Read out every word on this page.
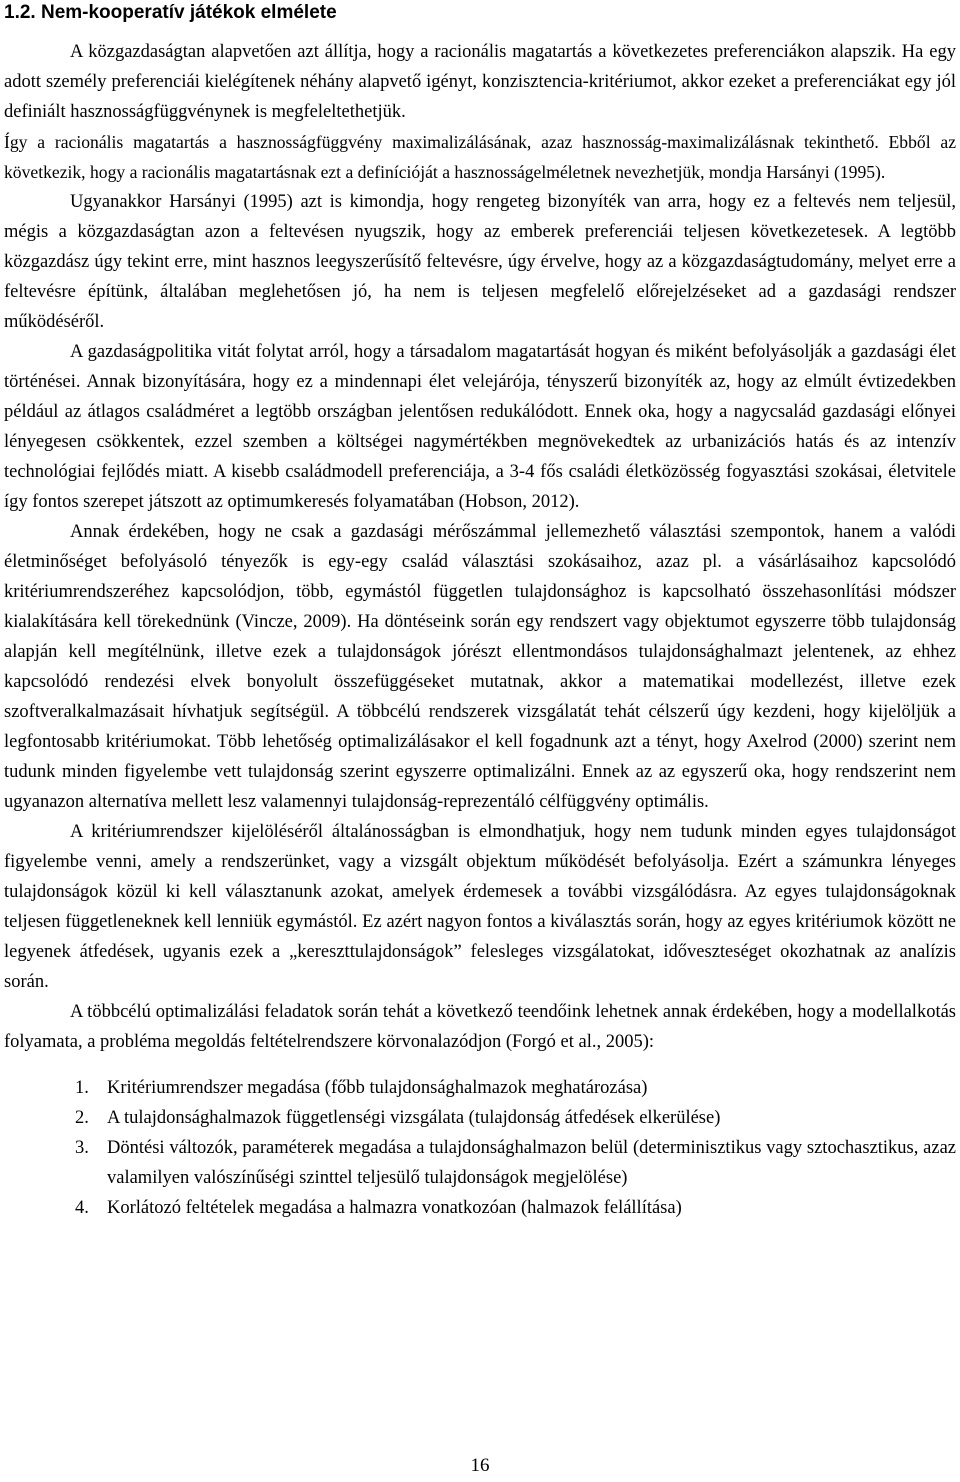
1.2. Nem-kooperatív játékok elmélete

A közgazdaságtan alapvetően azt állítja, hogy a racionális magatartás a következetes preferenciákon alapszik. Ha egy adott személy preferenciái kielégítenek néhány alapvető igényt, konzisztencia-kritériumot, akkor ezeket a preferenciákat egy jól definiált hasznosságfüggvénynek is megfeleltethetjük.

Így a racionális magatartás a hasznosságfüggvény maximalizálásának, azaz hasznosság-maximalizálásnak tekinthető. Ebből az következik, hogy a racionális magatartásnak ezt a definícióját a hasznosságelméletnek nevezhetjük, mondja Harsányi (1995).

Ugyanakkor Harsányi (1995) azt is kimondja, hogy rengeteg bizonyíték van arra, hogy ez a feltevés nem teljesül, mégis a közgazdaságtan azon a feltevésen nyugszik, hogy az emberek preferenciái teljesen következetesek. A legtöbb közgazdász úgy tekint erre, mint hasznos leegyszerűsítő feltevésre, úgy érvelve, hogy az a közgazdaságtudomány, melyet erre a feltevésre építünk, általában meglehetősen jó, ha nem is teljesen megfelelő előrejelzéseket ad a gazdasági rendszer működéséről.

A gazdaságpolitika vitát folytat arról, hogy a társadalom magatartását hogyan és miként befolyásolják a gazdasági élet történései. Annak bizonyítására, hogy ez a mindennapi élet velejárója, tényszerű bizonyíték az, hogy az elmúlt évtizedekben például az átlagos családméret a legtöbb országban jelentősen redukálódott. Ennek oka, hogy a nagycsalád gazdasági előnyei lényegesen csökkentek, ezzel szemben a költségei nagymértékben megnövekedtek az urbanizációs hatás és az intenzív technológiai fejlődés miatt. A kisebb családmodell preferenciája, a 3-4 fős családi életközösség fogyasztási szokásai, életvitele így fontos szerepet játszott az optimumkeresés folyamatában (Hobson, 2012).

Annak érdekében, hogy ne csak a gazdasági mérőszámmal jellemezhető választási szempontok, hanem a valódi életminőséget befolyásoló tényezők is egy-egy család választási szokásaihoz, azaz pl. a vásárlásaihoz kapcsolódó kritériumrendszeréhez kapcsolódjon, több, egymástól független tulajdonsághoz is kapcsolható összehasonlítási módszer kialakítására kell törekednünk (Vincze, 2009). Ha döntéseink során egy rendszert vagy objektumot egyszerre több tulajdonság alapján kell megítélnünk, illetve ezek a tulajdonságok jórészt ellentmondásos tulajdonsághalmazt jelentenek, az ehhez kapcsolódó rendezési elvek bonyolult összefüggéseket mutatnak, akkor a matematikai modellezést, illetve ezek szoftveralkalmazásait hívhatjuk segítségül. A többcélú rendszerek vizsgálatát tehát célszerű úgy kezdeni, hogy kijelöljük a legfontosabb kritériumokat. Több lehetőség optimalizálásakor el kell fogadnunk azt a tényt, hogy Axelrod (2000) szerint nem tudunk minden figyelembe vett tulajdonság szerint egyszerre optimalizálni. Ennek az az egyszerű oka, hogy rendszerint nem ugyanazon alternatíva mellett lesz valamennyi tulajdonság-reprezentáló célfüggvény optimális.

A kritériumrendszer kijelöléséről általánosságban is elmondhatjuk, hogy nem tudunk minden egyes tulajdonságot figyelembe venni, amely a rendszerünket, vagy a vizsgált objektum működését befolyásolja. Ezért a számunkra lényeges tulajdonságok közül ki kell választanunk azokat, amelyek érdemesek a további vizsgálódásra. Az egyes tulajdonságoknak teljesen függetleneknek kell lenniük egymástól. Ez azért nagyon fontos a kiválasztás során, hogy az egyes kritériumok között ne legyenek átfedések, ugyanis ezek a „kereszttulajdonságok” felesleges vizsgálatokat, időveszteséget okozhatnak az analízis során.

A többcélú optimalizálási feladatok során tehát a következő teendőink lehetnek annak érdekében, hogy a modellalkotás folyamata, a probléma megoldás feltételrendszere körvonalazódjon (Forgó et al., 2005):

1. Kritériumrendszer megadása (főbb tulajdonsághalmazok meghatározása)
2. A tulajdonsághalmazok függetlenségi vizsgálata (tulajdonság átfedések elkerülése)
3. Döntési változók, paraméterek megadása a tulajdonsághalmazon belül (determinisztikus vagy sztochasztikus, azaz valamilyen valószínűségi szinttel teljesülő tulajdonságok megjelölése)
4. Korlátozó feltételek megadása a halmazra vonatkozóan (halmazok felállítása)
16
